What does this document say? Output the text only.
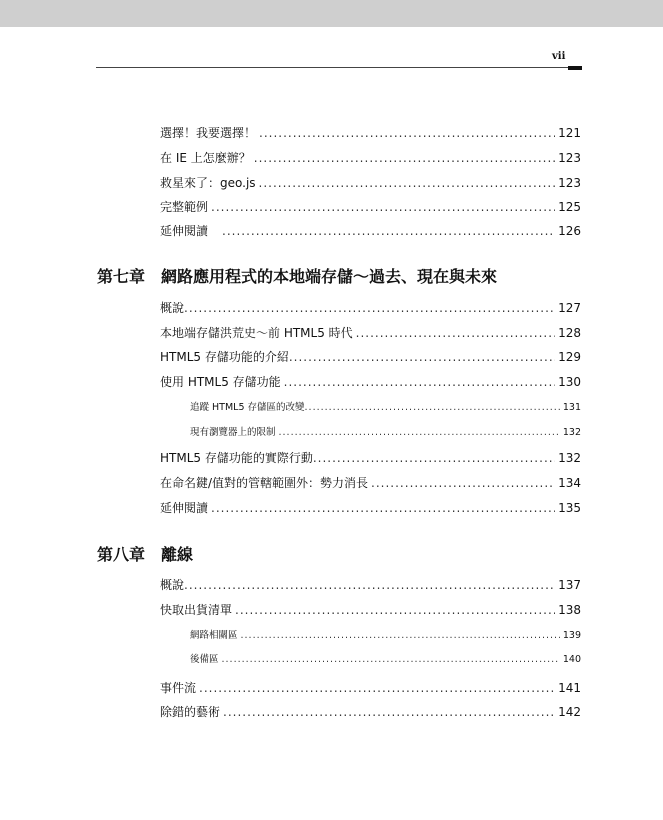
vii
選擇！我要選擇！ .....	121
在 IE 上怎麼辦？ .....	123
救星來了：geo.js .....	123
完整範例 .....	125
延伸閱讀 .....	126
第七章 網路應用程式的本地端存儲～過去、現在與未來
概說 .....	127
本地端存儲洪荒史～前 HTML5 時代 .....	128
HTML5 存儲功能的介紹 .....	129
使用 HTML5 存儲功能 .....	130
追蹤 HTML5 存儲區的改變 .....	131
現有瀏覽器上的限制 .....	132
HTML5 存儲功能的實際行動 .....	132
在命名鍵/值對的管轄範圍外：勢力消長 .....	134
延伸閱讀 .....	135
第八章 離線
概說 .....	137
快取出貨清單 .....	138
網路相關區 .....	139
後備區 .....	140
事件流 .....	141
除錯的藝術 .....	142
